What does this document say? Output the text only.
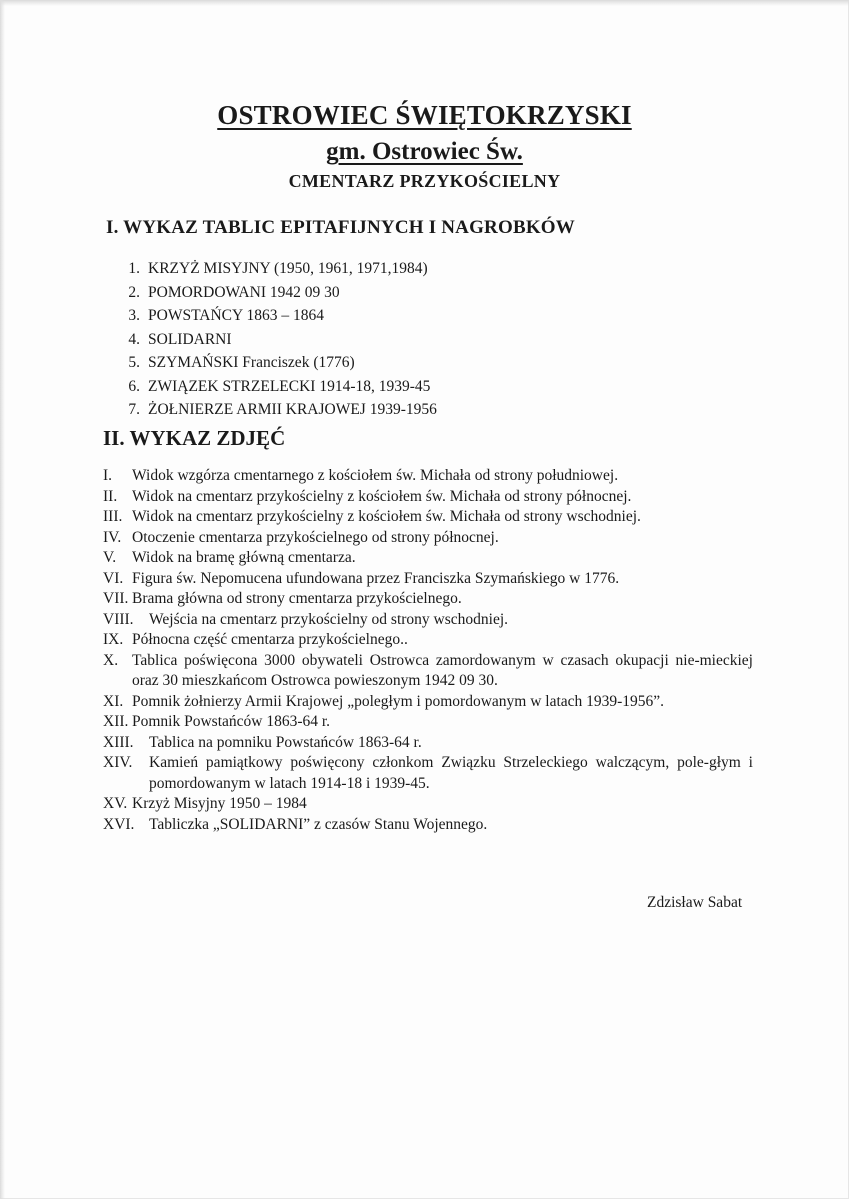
OSTROWIEC ŚWIĘTOKRZYSKI
gm. Ostrowiec Św.
CMENTARZ PRZYKOŚCIELNY
I. WYKAZ TABLIC EPITAFIJNYCH I NAGROBKÓW
1. KRZYŻ MISYJNY (1950, 1961, 1971,1984)
2. POMORDOWANI 1942 09 30
3. POWSTAŃCY 1863 – 1864
4. SOLIDARNI
5. SZYMAŃSKI Franciszek (1776)
6. ZWIĄZEK STRZELECKI 1914-18, 1939-45
7. ŻOŁNIERZE ARMII KRAJOWEJ 1939-1956
II. WYKAZ ZDJĘĆ
I.	Widok wzgórza cmentarnego z kościołem św. Michała od strony południowej.
II. Widok na cmentarz przykościelny z kościołem św. Michała od strony północnej.
III. Widok na cmentarz przykościelny z kościołem św. Michała od strony wschodniej.
IV. Otoczenie cmentarza przykościelnego od strony północnej.
V.	Widok na bramę główną cmentarza.
VI. Figura św. Nepomucena ufundowana przez Franciszka Szymańskiego w 1776.
VII. Brama główna od strony cmentarza przykościelnego.
VIII. Wejścia na cmentarz przykościelny od strony wschodniej.
IX. Północna część cmentarza przykościelnego..
X. Tablica poświęcona 3000 obywateli Ostrowca zamordowanym w czasach okupacji nie-mieckiej oraz 30 mieszkańcom Ostrowca powieszonym 1942 09 30.
XI. Pomnik żołnierzy Armii Krajowej „poległym i pomordowanym w latach 1939-1956”.
XII. Pomnik Powstańców 1863-64 r.
XIII. Tablica na pomniku Powstańców 1863-64 r.
XIV.	Kamień pamiątkowy poświęcony członkom Związku Strzeleckiego walczącym, pole-głym i pomordowanym w latach 1914-18 i 1939-45.
XV. Krzyż Misyjny 1950 – 1984
XVI. Tabliczka „SOLIDARNI” z czasów Stanu Wojennego.
Zdzisław Sabat
